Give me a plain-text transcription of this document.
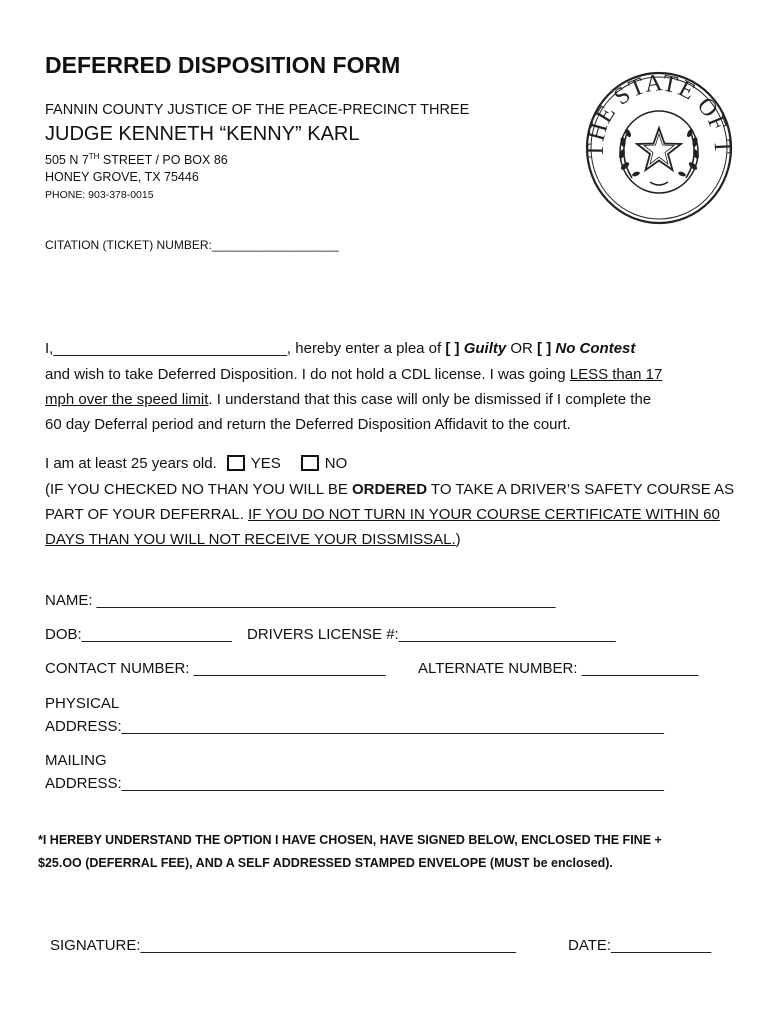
DEFERRED DISPOSITION FORM
FANNIN COUNTY JUSTICE OF THE PEACE-PRECINCT THREE
JUDGE KENNETH “KENNY” KARL
505 N 7TH STREET / PO BOX 86
HONEY GROVE, TX 75446
PHONE: 903-378-0015
THE STATE OF T
CITATION (TICKET) NUMBER:___________________
I,____________________________, hereby enter a plea of [ ] Guilty OR [ ] No Contest
and wish to take Deferred Disposition. I do not hold a CDL license. I was going LESS than 17
mph over the speed limit. I understand that this case will only be dismissed if I complete the
60 day Deferral period and return the Deferred Disposition Affidavit to the court.
I am at least 25 years old. YES	NO
(IF YOU CHECKED NO THAN YOU WILL BE ORDERED TO TAKE A DRIVER’S SAFETY COURSE AS
PART OF YOUR DEFERRAL. IF YOU DO NOT TURN IN YOUR COURSE CERTIFICATE WITHIN 60
DAYS THAN YOU WILL NOT RECEIVE YOUR DISSMISSAL.)
NAME: _______________________________________________________
DOB:__________________ DRIVERS LICENSE #:__________________________
CONTACT NUMBER: _______________________ ALTERNATE NUMBER: ______________
PHYSICAL
ADDRESS:_________________________________________________________________
MAILING
ADDRESS:_________________________________________________________________
*I HEREBY UNDERSTAND THE OPTION I HAVE CHOSEN, HAVE SIGNED BELOW, ENCLOSED THE FINE +
$25.OO (DEFERRAL FEE), AND A SELF ADDRESSED STAMPED ENVELOPE (MUST be enclosed).
SIGNATURE:_____________________________________________	DATE:____________
